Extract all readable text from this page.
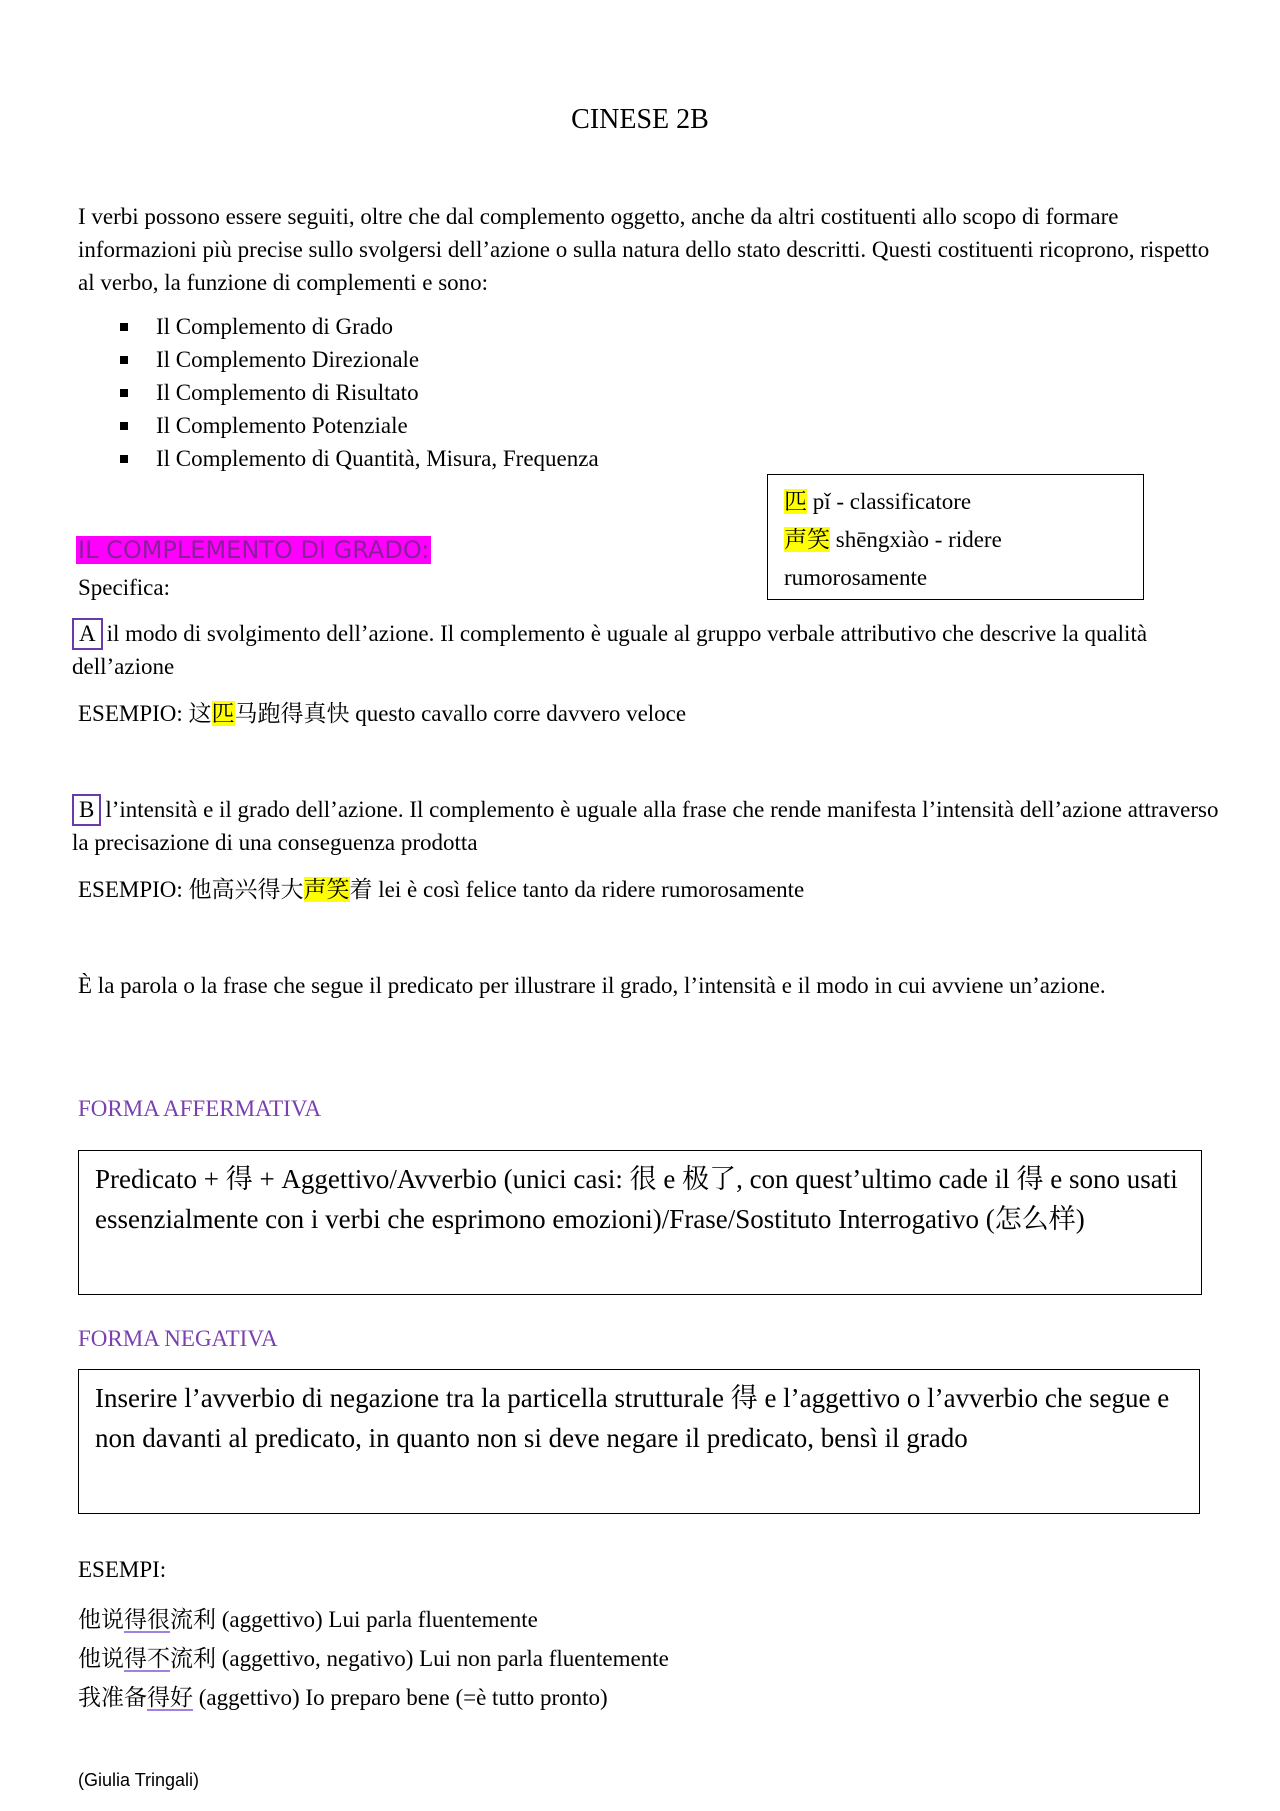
CINESE 2B
I verbi possono essere seguiti, oltre che dal complemento oggetto, anche da altri costituenti allo scopo di formare informazioni più precise sullo svolgersi dell’azione o sulla natura dello stato descritti. Questi costituenti ricoprono, rispetto al verbo, la funzione di complementi e sono:
Il Complemento di Grado
Il Complemento Direzionale
Il Complemento di Risultato
Il Complemento Potenziale
Il Complemento di Quantità, Misura, Frequenza
匹 pǐ - classificatore
声笑 shēngxiào - ridere rumorosamente
IL COMPLEMENTO DI GRADO:
Specifica:
A il modo di svolgimento dell’azione. Il complemento è uguale al gruppo verbale attributivo che descrive la qualità dell’azione
ESEMPIO: 这匹马跑得真快 questo cavallo corre davvero veloce
B l’intensità e il grado dell’azione. Il complemento è uguale alla frase che rende manifesta l’intensità dell’azione attraverso la precisazione di una conseguenza prodotta
ESEMPIO: 他高兴得大声笑着 lei è così felice tanto da ridere rumorosamente
È la parola o la frase che segue il predicato per illustrare il grado, l’intensità e il modo in cui avviene un’azione.
FORMA AFFERMATIVA
Predicato + 得 + Aggettivo/Avverbio (unici casi: 很 e 极了, con quest’ultimo cade il 得 e sono usati essenzialmente con i verbi che esprimono emozioni)/Frase/Sostituto Interrogativo (怎么样)
FORMA NEGATIVA
Inserire l’avverbio di negazione tra la particella strutturale 得 e l’aggettivo o l’avverbio che segue e non davanti al predicato, in quanto non si deve negare il predicato, bensì il grado
ESEMPI:
他说得很流利 (aggettivo) Lui parla fluentemente
他说得不流利 (aggettivo, negativo) Lui non parla fluentemente
我准备得好 (aggettivo) Io preparo bene (=è tutto pronto)
(Giulia Tringali)
